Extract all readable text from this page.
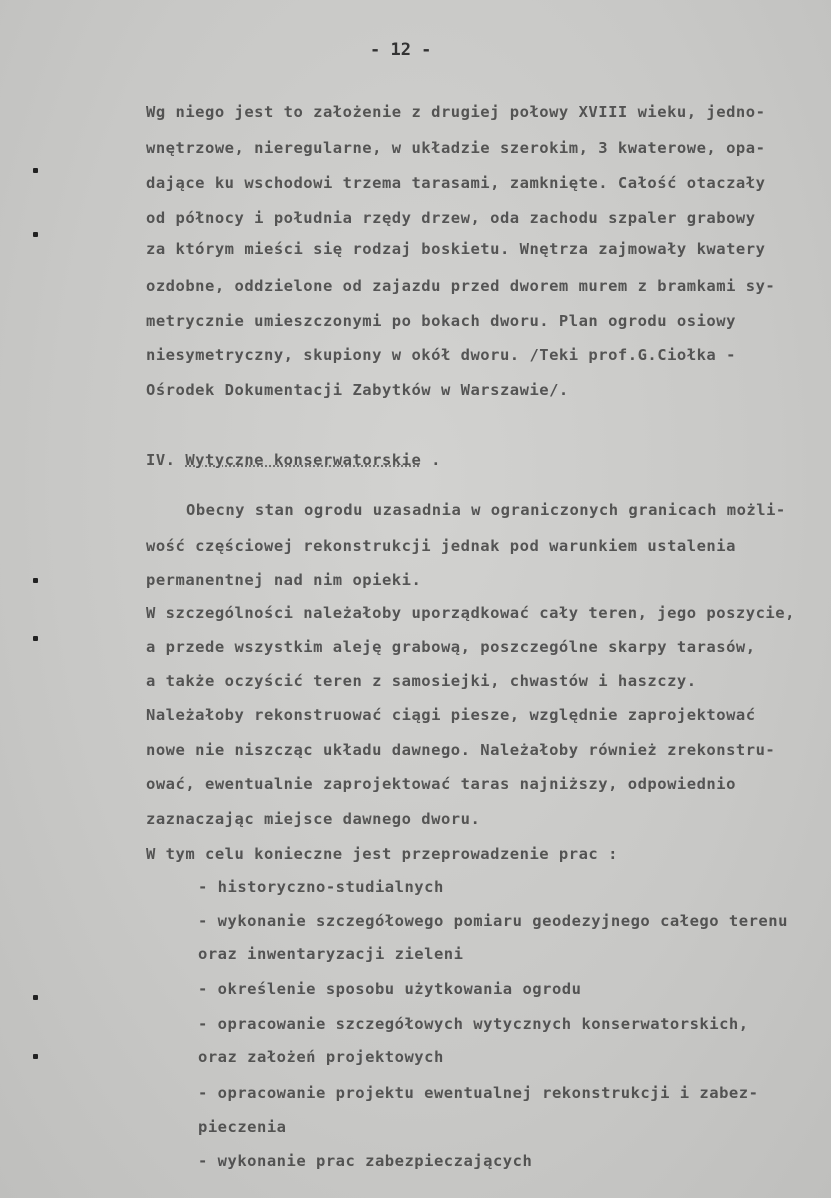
- 12 -
Wg niego jest to założenie z drugiej połowy XVIII wieku, jedno-
wnętrzowe, nieregularne, w układzie szerokim, 3 kwaterowe, opa-
dające ku wschodowi trzema tarasami, zamknięte. Całość otaczały
od północy i południa rzędy drzew, oda zachodu szpaler grabowy
za którym mieści się rodzaj boskietu. Wnętrza zajmowały kwatery
ozdobne, oddzielone od zajazdu przed dworem murem z bramkami sy-
metrycznie umieszczonymi po bokach dworu. Plan ogrodu osiowy
niesymetryczny, skupiony w okół dworu. /Teki prof.G.Ciołka -
Ośrodek Dokumentacji Zabytków w Warszawie/.
IV. Wytyczne konserwatorskie .
Obecny stan ogrodu uzasadnia w ograniczonych granicach możli-
wość częściowej rekonstrukcji jednak pod warunkiem ustalenia
permanentnej nad nim opieki.
W szczególności należałoby uporządkować cały teren, jego poszycie,
a przede wszystkim aleję grabową, poszczególne skarpy tarasów,
a także oczyścić teren z samosiejki, chwastów i haszczy.
Należałoby rekonstruować ciągi piesze, względnie zaprojektować
nowe nie niszcząc układu dawnego. Należałoby również zrekonstru-
ować, ewentualnie zaprojektować taras najniższy, odpowiednio
zaznaczając miejsce dawnego dworu.
W tym celu konieczne jest przeprowadzenie prac :
- historyczno-studialnych
- wykonanie szczegółowego pomiaru geodezyjnego całego terenu
oraz inwentaryzacji zieleni
- określenie sposobu użytkowania ogrodu
- opracowanie szczegółowych wytycznych konserwatorskich,
oraz założeń projektowych
- opracowanie projektu ewentualnej rekonstrukcji i zabez-
pieczenia
- wykonanie prac zabezpieczających
